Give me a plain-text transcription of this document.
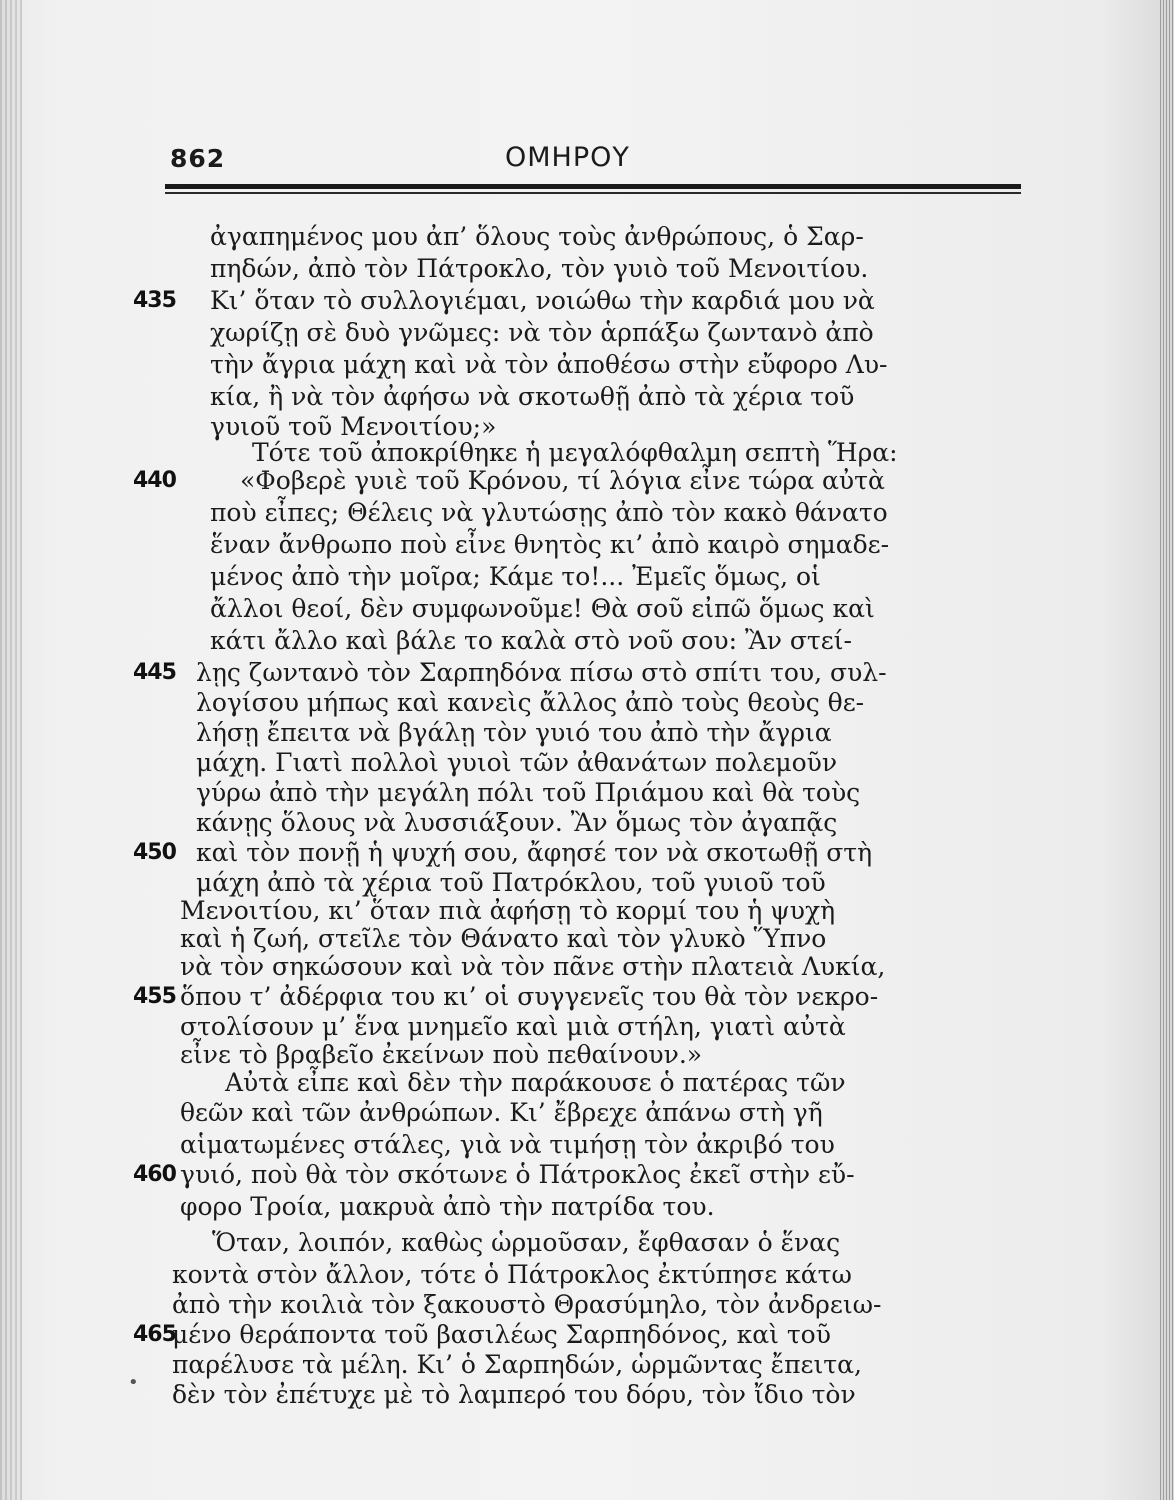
862	ΟΜΗΡΟΥ
ἀγαπημένος μου ἀπ’ ὅλους τοὺς ἀνθρώπους, ὁ Σαρ-
πηδών, ἀπὸ τὸν Πάτροκλο, τὸν γυιὸ τοῦ Μενοιτίου.
435 Κι’ ὅταν τὸ συλλογιέμαι, νοιώθω τὴν καρδιά μου νὰ
χωρίζῃ σὲ δυὸ γνῶμες: νὰ τὸν ἁρπάξω ζωντανὸ ἀπὸ
τὴν ἄγρια μάχη καὶ νὰ τὸν ἀποθέσω στὴν εὔφορο Λυ-
κία, ἢ νὰ τὸν ἀφήσω νὰ σκοτωθῇ ἀπὸ τὰ χέρια τοῦ
γυιοῦ τοῦ Μενοιτίου;»
Τότε τοῦ ἀποκρίθηκε ἡ μεγαλόφθαλμη σεπτὴ Ἥρα:
440	«Φοβερὲ γυιὲ τοῦ Κρόνου, τί λόγια εἶνε τώρα αὐτὰ
ποὺ εἶπες; Θέλεις νὰ γλυτώσῃς ἀπὸ τὸν κακὸ θάνατο
ἕναν ἄνθρωπο ποὺ εἶνε θνητὸς κι’ ἀπὸ καιρὸ σημαδε-
μένος ἀπὸ τὴν μοῖρα; Κάμε το!... Ἐμεῖς ὅμως, οἱ
ἄλλοι θεοί, δὲν συμφωνοῦμε! Θὰ σοῦ εἰπῶ ὅμως καὶ
κάτι ἄλλο καὶ βάλε το καλὰ στὸ νοῦ σου: Ἂν στεί-
445 λῃς ζωντανὸ τὸν Σαρπηδόνα πίσω στὸ σπίτι του, συλ-
λογίσου μήπως καὶ κανεὶς ἄλλος ἀπὸ τοὺς θεοὺς θε-
λήσῃ ἔπειτα νὰ βγάλῃ τὸν γυιό του ἀπὸ τὴν ἄγρια
μάχη. Γιατὶ πολλοὶ γυιοὶ τῶν ἀθανάτων πολεμοῦν
γύρω ἀπὸ τὴν μεγάλη πόλι τοῦ Πριάμου καὶ θὰ τοὺς
κάνῃς ὅλους νὰ λυσσιάξουν. Ἂν ὅμως τὸν ἀγαπᾷς
450 καὶ τὸν πονῇ ἡ ψυχή σου, ἄφησέ τον νὰ σκοτωθῇ στὴ
μάχη ἀπὸ τὰ χέρια τοῦ Πατρόκλου, τοῦ γυιοῦ τοῦ
Μενοιτίου, κι’ ὅταν πιὰ ἀφήσῃ τὸ κορμί του ἡ ψυχὴ
καὶ ἡ ζωή, στεῖλε τὸν Θάνατο καὶ τὸν γλυκὸ Ὕπνο
νὰ τὸν σηκώσουν καὶ νὰ τὸν πᾶνε στὴν πλατειὰ Λυκία,
455 ὅπου τ’ ἀδέρφια του κι’ οἱ συγγενεῖς του θὰ τὸν νεκρο-
στολίσουν μ’ ἕνα μνημεῖο καὶ μιὰ στήλη, γιατὶ αὐτὰ
εἶνε τὸ βραβεῖο ἐκείνων ποὺ πεθαίνουν.»
Αὐτὰ εἶπε καὶ δὲν τὴν παράκουσε ὁ πατέρας τῶν
θεῶν καὶ τῶν ἀνθρώπων. Κι’ ἔβρεχε ἀπάνω στὴ γῆ
αἱματωμένες στάλες, γιὰ νὰ τιμήσῃ τὸν ἀκριβό του
460 γυιό, ποὺ θὰ τὸν σκότωνε ὁ Πάτροκλος ἐκεῖ στὴν εὔ-
φορο Τροία, μακρυὰ ἀπὸ τὴν πατρίδα του.
Ὅταν, λοιπόν, καθὼς ὡρμοῦσαν, ἔφθασαν ὁ ἕνας
κοντὰ στὸν ἄλλον, τότε ὁ Πάτροκλος ἐκτύπησε κάτω
ἀπὸ τὴν κοιλιὰ τὸν ξακουστὸ Θρασύμηλο, τὸν ἀνδρειω-
465
μένο θεράποντα τοῦ βασιλέως Σαρπηδόνος, καὶ τοῦ
παρέλυσε τὰ μέλη. Κι’ ὁ Σαρπηδών, ὡρμῶντας ἔπειτα,
δὲν τὸν ἐπέτυχε μὲ τὸ λαμπερό του δόρυ, τὸν ἴδιο τὸν
•
